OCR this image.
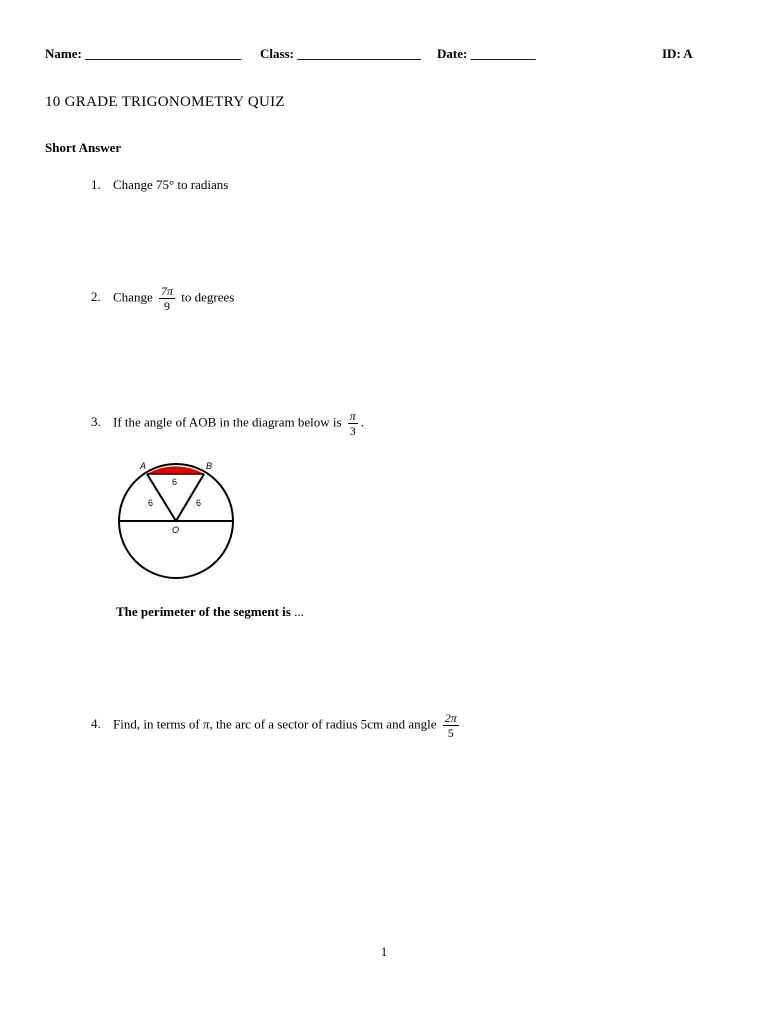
Name: ________________________ Class: ___________________ Date: __________	ID: A
10 GRADE TRIGONOMETRY QUIZ
Short Answer
1. Change 75° to radians
2. Change $\frac{7\pi}{9}$ to degrees
3. If the angle of AOB in the diagram below is $\frac{\pi}{3}$ .
A	B
O
6
6	6
The perimeter of the segment is ...
4. Find, in terms of π, the arc of a sector of radius 5cm and angle $\frac{2\pi}{5}$
1
